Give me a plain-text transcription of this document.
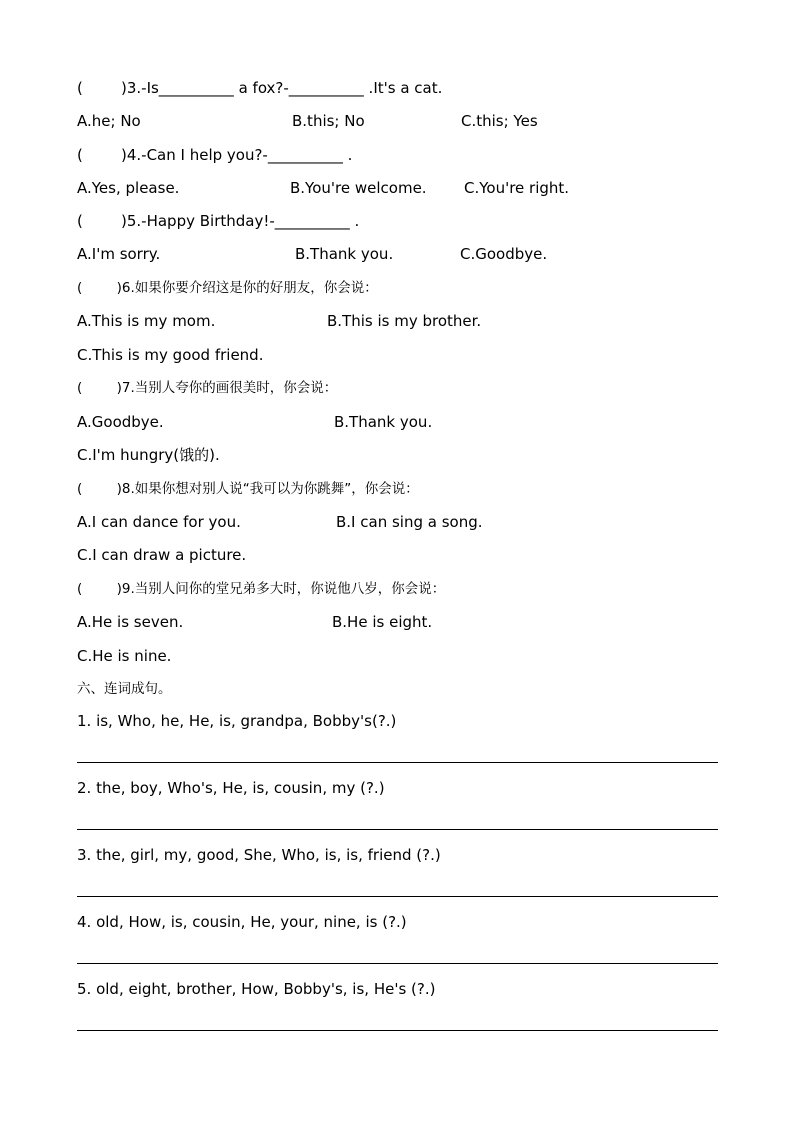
(        )3.-Is__________ a fox?-__________ .It's a cat.
A.he; No	B.this; No	C.this; Yes
(        )4.-Can I help you?-__________ .
A.Yes, please.	B.You're welcome. C.You're right.
(        )5.-Happy Birthday!-__________ .
A.I'm sorry.	B.Thank you.	C.Goodbye.
(        )6.如果你要介绍这是你的好朋友，你会说：
A.This is my mom.	B.This is my brother.
C.This is my good friend.
(        )7.当别人夸你的画很美时，你会说：
A.Goodbye.	B.Thank you.
C.I'm hungry(饿的).
(        )8.如果你想对别人说“我可以为你跳舞”，你会说：
A.I can dance for you.	B.I can sing a song.
C.I can draw a picture.
(        )9.当别人问你的堂兄弟多大时，你说他八岁，你会说：
A.He is seven.	B.He is eight.
C.He is nine.
六、连词成句。
1. is, Who, he, He, is, grandpa, Bobby's(?.)
2. the, boy, Who's, He, is, cousin, my (?.)
3. the, girl, my, good, She, Who, is, is, friend (?.)
4. old, How, is, cousin, He, your, nine, is (?.)
5. old, eight, brother, How, Bobby's, is, He's (?.)
